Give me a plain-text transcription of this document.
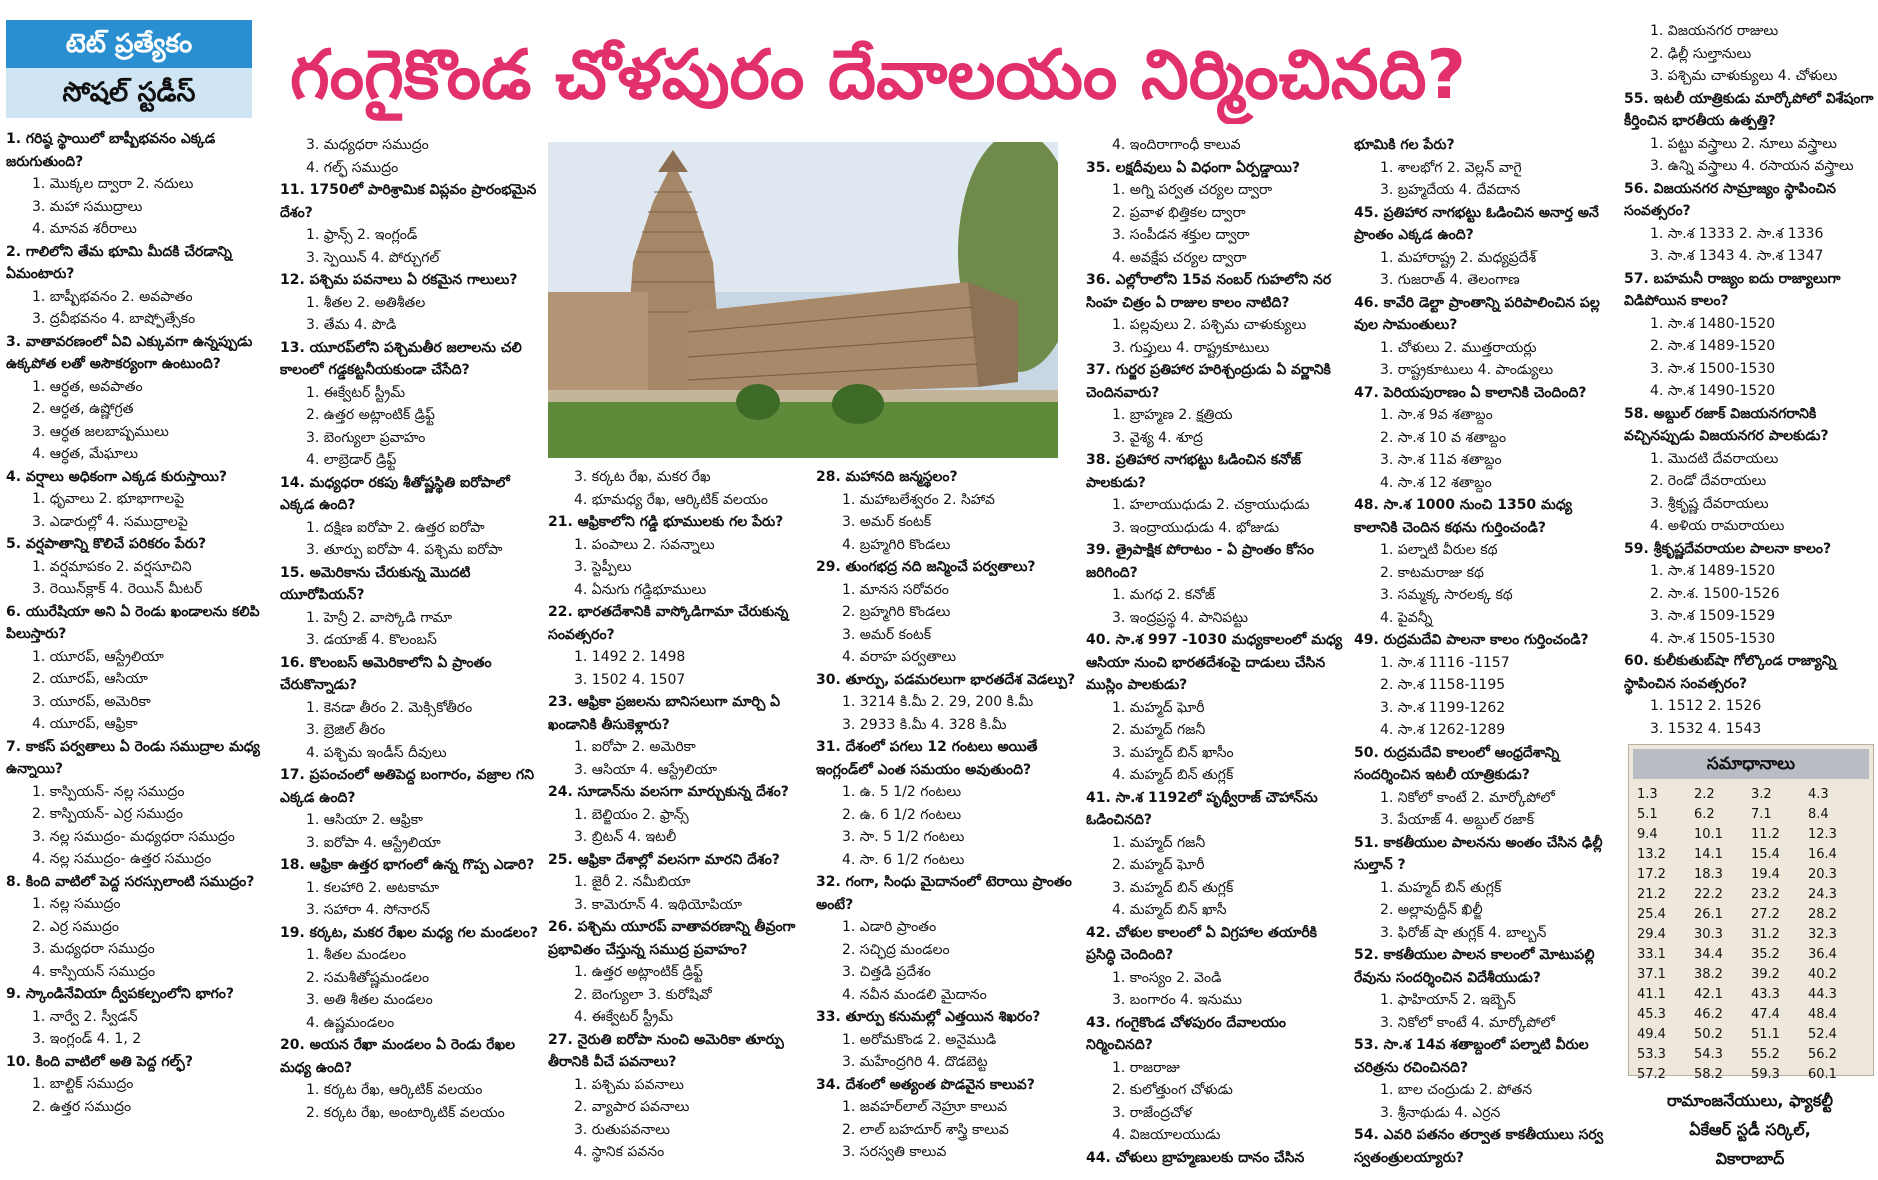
టెట్ ప్రత్యేకం
సోషల్ స్టడీస్	గంగైకొండ చోళపురం దేవాలయం నిర్మించినది?
1. గరిష్ఠ స్థాయిలో బాష్పీభవనం ఎక్కడ జరుగుతుంది?
1. మొక్కల ద్వారా 2. నదులు
3. మహా సముద్రాలు
4. మానవ శరీరాలు
2. గాలిలోని తేమ భూమి మీదకి చేరడాన్ని ఏమంటారు?
1. బాష్పీభవనం 2. అవపాతం
3. ద్రవీభవనం 4. బాష్పోత్సేకం
3. వాతావరణంలో ఏవి ఎక్కువగా ఉన్నప్పుడు ఉక్కపోత లతో అసౌకర్యంగా ఉంటుంది?
1. ఆర్ధత, అవపాతం
2. ఆర్ధత, ఉష్ణోగ్రత
3. ఆర్ధత జలబాష్పములు
4. ఆర్ధత, మేఘాలు
4. వర్షాలు అధికంగా ఎక్కడ కురుస్తాయి?
1. ధృవాలు 2. భూభాగాలపై
3. ఎడారుల్లో 4. సముద్రాలపై
5. వర్షపాతాన్ని కొలిచే పరికరం పేరు?
1. వర్షమాపకం 2. వర్షసూచిని
3. రెయిన్‌క్లాక్ 4. రెయిన్ మీటర్
6. యురేషియా అని ఏ రెండు ఖండాలను కలిపి పిలుస్తారు?
1. యూరప్, ఆస్ట్రేలియా
2. యూరప్, ఆసియా
3. యూరప్, అమెరికా
4. యూరప్, ఆఫ్రికా
7. కాకస్ పర్వతాలు ఏ రెండు సముద్రాల మధ్య ఉన్నాయి?
1. కాస్పియన్- నల్ల సముద్రం
2. కాస్పియన్- ఎర్ర సముద్రం
3. నల్ల సముద్రం- మధ్యధరా సముద్రం
4. నల్ల సముద్రం- ఉత్తర సముద్రం
8. కింది వాటిలో పెద్ద సరస్సులాంటి సముద్రం?
1. నల్ల సముద్రం
2. ఎర్ర సముద్రం
3. మధ్యధరా సముద్రం
4. కాస్పియన్ సముద్రం
9. స్కాండినేవియా ద్వీపకల్పంలోని భాగం?
1. నార్వే 2. స్వీడన్
3. ఇంగ్లండ్ 4. 1, 2
10. కింది వాటిలో అతి పెద్ద గల్ఫ్?
1. బాల్టిక్ సముద్రం
2. ఉత్తర సముద్రం
3. మధ్యధరా సముద్రం
4. గల్ఫ్ సముద్రం
11. 1750లో పారిశ్రామిక విప్లవం ప్రారంభమైన దేశం?
1. ఫ్రాన్స్ 2. ఇంగ్లండ్
3. స్పెయిన్ 4. పోర్చుగల్
12. పశ్చిమ పవనాలు ఏ రకమైన గాలులు?
1. శీతల 2. అతిశీతల
3. తేమ 4. పొడి
13. యూరప్‌లోని పశ్చిమతీర జలాలను చలి కాలంలో గడ్డకట్టనీయకుండా చేసేది?
1. ఈక్వేటర్ స్ట్రీమ్
2. ఉత్తర అట్లాంటిక్ డ్రిఫ్ట్
3. బెంగ్యులా ప్రవాహం
4. లాబ్రెడార్ డ్రిఫ్ట్
14. మధ్యధరా రకపు శీతోష్ణస్థితి ఐరోపాలో ఎక్కడ ఉంది?
1. దక్షిణ ఐరోపా 2. ఉత్తర ఐరోపా
3. తూర్పు ఐరోపా 4. పశ్చిమ ఐరోపా
15. అమెరికాను చేరుకున్న మొదటి యూరోపియన్?
1. హెన్రీ 2. వాస్కోడి గామా
3. డయాజ్ 4. కొలంబస్
16. కొలంబస్ అమెరికాలోని ఏ ప్రాంతం చేరుకొన్నాడు?
1. కెనడా తీరం 2. మెక్సికోతీరం
3. బ్రెజిల్ తీరం
4. పశ్చిమ ఇండీస్ దీవులు
17. ప్రపంచంలో అతిపెద్ద బంగారం, వజ్రాల గని ఎక్కడ ఉంది?
1. ఆసియా 2. ఆఫ్రికా
3. ఐరోపా 4. ఆస్ట్రేలియా
18. ఆఫ్రికా ఉత్తర భాగంలో ఉన్న గొప్ప ఎడారి?
1. కలహారి 2. అటకామా
3. సహారా 4. సోనారన్
19. కర్కట, మకర రేఖల మధ్య గల మండలం?
1. శీతల మండలం
2. సమశీతోష్ణమండలం
3. అతి శీతల మండలం
4. ఉష్ణమండలం
20. అయన రేఖా మండలం ఏ రెండు రేఖల మధ్య ఉంది?
1. కర్కట రేఖ, ఆర్కిటిక్ వలయం
2. కర్కట రేఖ, అంటార్కిటిక్ వలయం
3. కర్కట రేఖ, మకర రేఖ
4. భూమధ్య రేఖ, ఆర్కిటిక్ వలయం
21. ఆఫ్రికాలోని గడ్డి భూములకు గల పేరు?
1. పంపాలు 2. సవన్నాలు
3. స్టెప్పీలు
4. ఏనుగు గడ్డిభూములు
22. భారతదేశానికి వాస్కోడిగామా చేరుకున్న సంవత్సరం?
1. 1492 2. 1498
3. 1502 4. 1507
23. ఆఫ్రికా ప్రజలను బానిసలుగా మార్చి ఏ ఖండానికి తీసుకెళ్లారు?
1. ఐరోపా 2. అమెరికా
3. ఆసియా 4. ఆస్ట్రేలియా
24. సూడాన్‌ను వలసగా మార్చుకున్న దేశం?
1. బెల్జియం 2. ఫ్రాన్స్
3. బ్రిటన్ 4. ఇటలీ
25. ఆఫ్రికా దేశాల్లో వలసగా మారని దేశం?
1. జైరీ 2. నమీబియా
3. కామెరూన్ 4. ఇథియోపియా
26. పశ్చిమ యూరప్ వాతావరణాన్ని తీవ్రంగా ప్రభావితం చేస్తున్న సముద్ర ప్రవాహం?
1. ఉత్తర అట్లాంటిక్ డ్రిఫ్ట్
2. బెంగ్యులా 3. కురోషివో
4. ఈక్వేటర్ స్ట్రీమ్
27. నైరుతి ఐరోపా నుంచి అమెరికా తూర్పు తీరానికి వీచే పవనాలు?
1. పశ్చిమ పవనాలు
2. వ్యాపార పవనాలు
3. రుతుపవనాలు
4. స్థానిక పవనం
28. మహానది జన్మస్థలం?
1. మహాబలేశ్వరం 2. సిహావ
3. అమర్ కంటక్
4. బ్రహ్మగిరి కొండలు
29. తుంగభద్ర నది జన్మించే పర్వతాలు?
1. మానస సరోవరం
2. బ్రహ్మగిరి కొండలు
3. అమర్ కంటక్
4. వరాహ పర్వతాలు
30. తూర్పు, పడమరలుగా భారతదేశ వెడల్పు?
1. 3214 కి.మీ 2. 29, 200 కి.మీ
3. 2933 కి.మీ 4. 328 కి.మీ
31. దేశంలో పగలు 12 గంటలు అయితే ఇంగ్లండ్‌లో ఎంత సమయం అవుతుంది?
1. ఉ. 5 1/2 గంటలు
2. ఉ. 6 1/2 గంటలు
3. సా. 5 1/2 గంటలు
4. సా. 6 1/2 గంటలు
32. గంగా, సింధు మైదానంలో టెరాయి ప్రాంతం అంటే?
1. ఎడారి ప్రాంతం
2. సచ్ఛిద్ర మండలం
3. చిత్తడి ప్రదేశం
4. నవీన మండలి మైదానం
33. తూర్పు కనుమల్లో ఎత్తయిన శిఖరం?
1. అరోమకొండ 2. అనైముడి
3. మహేంద్రగిరి 4. దొడబెట్ట
34. దేశంలో అత్యంత పొడవైన కాలువ?
1. జవహర్‌లాల్ నెహ్రూ కాలువ
2. లాల్ బహదూర్ శాస్త్రి కాలువ
3. సరస్వతి కాలువ
4. ఇందిరాగాంధీ కాలువ
35. లక్షదీవులు ఏ విధంగా ఏర్పడ్డాయి?
1. అగ్ని పర్వత చర్యల ద్వారా
2. ప్రవాళ భిత్తికల ద్వారా
3. సంపీడన శక్తుల ద్వారా
4. అవక్షేప చర్యల ద్వారా
36. ఎల్లోరాలోని 15వ నంబర్ గుహలోని నర సింహ చిత్రం ఏ రాజుల కాలం నాటిది?
1. పల్లవులు 2. పశ్చిమ చాళుక్యులు
3. గుప్తులు 4. రాష్ట్రకూటులు
37. గుర్జర ప్రతిహార హరిశ్చంద్రుడు ఏ వర్ణానికి చెందినవారు?
1. బ్రాహ్మణ 2. క్షత్రియ
3. వైశ్య 4. శూద్ర
38. ప్రతిహార నాగభట్టు ఓడించిన కనోజ్ పాలకుడు?
1. హలాయుధుడు 2. చక్రాయుధుడు
3. ఇంద్రాయుధుడు 4. భోజుడు
39. త్రైపాక్షిక పోరాటం - ఏ ప్రాంతం కోసం జరిగింది?
1. మగధ 2. కనోజ్
3. ఇంద్రప్రస్థ 4. పానిపట్టు
40. సా.శ 997 -1030 మధ్యకాలంలో మధ్య ఆసియా నుంచి భారతదేశంపై దాడులు చేసిన ముస్లిం పాలకుడు?
1. మహ్మద్ ఘోరీ
2. మహ్మద్ గజనీ
3. మహ్మద్ బిన్ ఖాసీం
4. మహ్మద్ బిన్ తుగ్లక్
41. సా.శ 1192లో పృథ్వీరాజ్ చౌహాన్‌ను ఓడించినది?
1. మహ్మద్ గజనీ
2. మహ్మద్ ఘోరీ
3. మహ్మద్ బిన్ తుగ్లక్
4. మహ్మద్ బిన్ ఖాసీ
42. చోళుల కాలంలో ఏ విగ్రహాల తయారీకి ప్రసిద్ధి చెందింది?
1. కాంస్యం 2. వెండి
3. బంగారం 4. ఇనుము
43. గంగైకొండ చోళపురం దేవాలయం నిర్మించినది?
1. రాజరాజు
2. కులోత్తుంగ చోళుడు
3. రాజేంద్రచోళ
4. విజయాలయుడు
44. చోళులు బ్రాహ్మణులకు దానం చేసిన
భూమికి గల పేరు?
1. శాలభోగ 2. వెల్లన్ వాగై
3. బ్రహ్మదేయ 4. దేవదాన
45. ప్రతిహార నాగభట్టు ఓడించిన అనార్త అనే ప్రాంతం ఎక్కడ ఉంది?
1. మహారాష్ట్ర 2. మధ్యప్రదేశ్
3. గుజరాత్ 4. తెలంగాణ
46. కావేరి డెల్టా ప్రాంతాన్ని పరిపాలించిన పల్ల వుల సామంతులు?
1. చోళులు 2. ముత్తరాయర్లు
3. రాష్ట్రకూటులు 4. పాండ్యులు
47. పెరియపురాణం ఏ కాలానికి చెందింది?
1. సా.శ 9వ శతాబ్దం
2. సా.శ 10 వ శతాబ్దం
3. సా.శ 11వ శతాబ్దం
4. సా.శ 12 శతాబ్దం
48. సా.శ 1000 నుంచి 1350 మధ్య కాలానికి చెందిన కథను గుర్తించండి?
1. పల్నాటి వీరుల కథ
2. కాటమరాజు కథ
3. సమ్మక్క సారలక్క కథ
4. పైవన్నీ
49. రుద్రమదేవి పాలనా కాలం గుర్తించండి?
1. సా.శ 1116 -1157
2. సా.శ 1158-1195
3. సా.శ 1199-1262
4. సా.శ 1262-1289
50. రుద్రమదేవి కాలంలో ఆంధ్రదేశాన్ని సందర్శించిన ఇటలీ యాత్రికుడు?
1. నికోలో కాంటే 2. మార్కోపోలో
3. పేయాజ్ 4. అబ్దుల్ రజాక్
51. కాకతీయుల పాలనను అంతం చేసిన ఢిల్లీ సుల్తాన్ ?
1. మహ్మద్ బిన్ తుగ్లక్
2. అల్లావుద్దీన్ ఖిల్జీ
3. ఫిరోజ్ షా తుగ్లక్ 4. బాల్బన్
52. కాకతీయుల పాలన కాలంలో మోటుపల్లి రేవును సందర్శించిన విదేశీయుడు?
1. ఫాహియాన్ 2. ఇబ్బెన్
3. నికోలో కాంటే 4. మార్కోపోలో
53. సా.శ 14వ శతాబ్దంలో పల్నాటి వీరుల చరిత్రను రచించినది?
1. బాల చంద్రుడు 2. పోతన
3. శ్రీనాథుడు 4. ఎర్రన
54. ఎవరి పతనం తర్వాత కాకతీయులు సర్వ స్వతంత్రులయ్యారు?
1. విజయనగర రాజులు
2. ఢిల్లీ సుల్తానులు
3. పశ్చిమ చాళుక్యులు 4. చోళులు
55. ఇటలీ యాత్రికుడు మార్కోపోలో విశేషంగా కీర్తించిన భారతీయ ఉత్పత్తి?
1. పట్టు వస్త్రాలు 2. నూలు వస్త్రాలు
3. ఉన్ని వస్త్రాలు 4. రసాయన వస్త్రాలు
56. విజయనగర సామ్రాజ్యం స్థాపించిన సంవత్సరం?
1. సా.శ 1333 2. సా.శ 1336
3. సా.శ 1343 4. సా.శ 1347
57. బహమనీ రాజ్యం ఐదు రాజ్యాలుగా విడిపోయిన కాలం?
1. సా.శ 1480-1520
2. సా.శ 1489-1520
3. సా.శ 1500-1530
4. సా.శ 1490-1520
58. అబ్దుల్ రజాక్ విజయనగరానికి వచ్చినప్పుడు విజయనగర పాలకుడు?
1. మొదటి దేవరాయలు
2. రెండో దేవరాయలు
3. శ్రీకృష్ణ దేవరాయలు
4. అళియ రామరాయలు
59. శ్రీకృష్ణదేవరాయల పాలనా కాలం?
1. సా.శ 1489-1520
2. సా.శ. 1500-1526
3. సా.శ 1509-1529
4. సా.శ 1505-1530
60. కులీకుతుబ్‌షా గోల్కొండ రాజ్యాన్ని స్థాపించిన సంవత్సరం?
1. 1512 2. 1526
3. 1532 4. 1543
సమాధానాలు
1.3	2.2	3.2	4.3
5.1	6.2	7.1	8.4
9.4	10.1	11.2	12.3
13.2	14.1	15.4	16.4
17.2	18.3	19.4	20.3
21.2	22.2	23.2	24.3
25.4	26.1	27.2	28.2
29.4	30.3	31.2	32.3
33.1	34.4	35.2	36.4
37.1	38.2	39.2	40.2
41.1	42.1	43.3	44.3
45.3	46.2	47.4	48.4
49.4	50.2	51.1	52.4
53.3	54.3	55.2	56.2
57.2	58.2	59.3	60.1
రామాంజనేయులు, ఫ్యాకల్టీ
ఏకేఆర్ స్టడీ సర్కిల్,
వికారాబాద్
